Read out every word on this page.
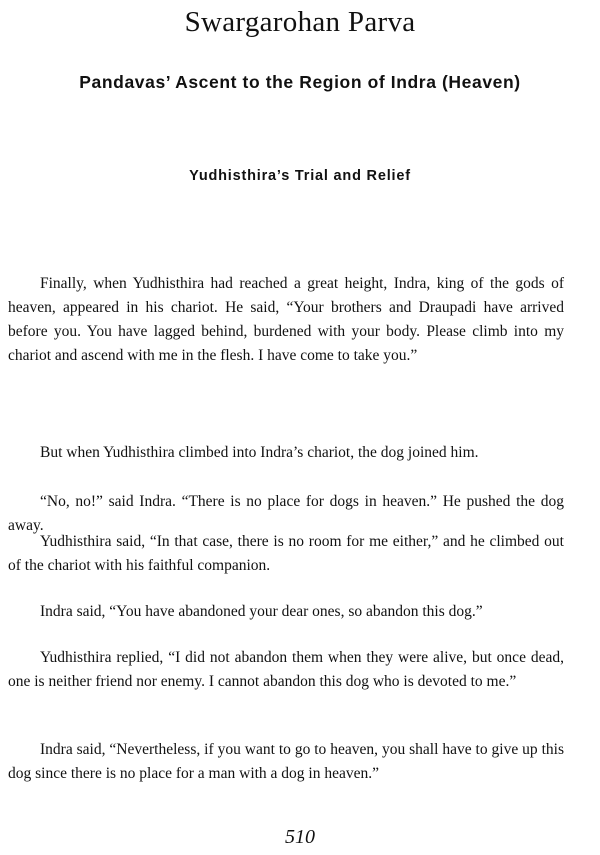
Swargarohan Parva
Pandavas’ Ascent to the Region of Indra (Heaven)
Yudhisthira’s Trial and Relief

Finally, when Yudhisthira had reached a great height, Indra, king of the gods of heaven, appeared in his chariot. He said, “Your brothers and Draupadi have arrived before you. You have lagged behind, burdened with your body. Please climb into my chariot and ascend with me in the flesh. I have come to take you.”

But when Yudhisthira climbed into Indra’s chariot, the dog joined him.

“No, no!” said Indra. “There is no place for dogs in heaven.” He pushed the dog away.

Yudhisthira said, “In that case, there is no room for me either,” and he climbed out of the chariot with his faithful companion.

Indra said, “You have abandoned your dear ones, so abandon this dog.”

Yudhisthira replied, “I did not abandon them when they were alive, but once dead, one is neither friend nor enemy. I cannot abandon this dog who is devoted to me.”

Indra said, “Nevertheless, if you want to go to heaven, you shall have to give up this dog since there is no place for a man with a dog in heaven.”

510
